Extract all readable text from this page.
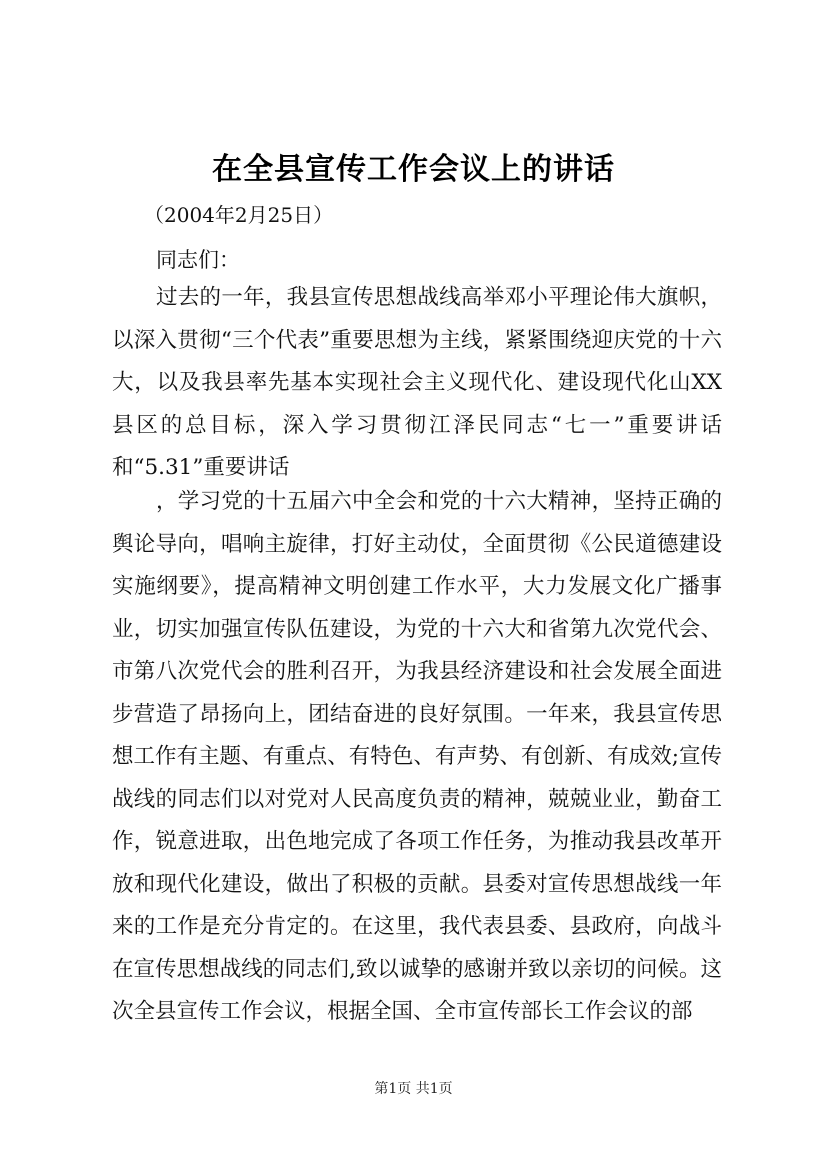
在全县宣传工作会议上的讲话
（2004年2月25日）
同志们：

过去的一年，我县宣传思想战线高举邓小平理论伟大旗帜，以深入贯彻“三个代表”重要思想为主线，紧紧围绕迎庆党的十六大，以及我县率先基本实现社会主义现代化、建设现代化山XX县区的总目标，深入学习贯彻江泽民同志“七一”重要讲话和“5.31”重要讲话

，学习党的十五届六中全会和党的十六大精神，坚持正确的舆论导向，唱响主旋律，打好主动仗，全面贯彻《公民道德建设实施纲要》，提高精神文明创建工作水平，大力发展文化广播事业，切实加强宣传队伍建设，为党的十六大和省第九次党代会、市第八次党代会的胜利召开，为我县经济建设和社会发展全面进步营造了昂扬向上，团结奋进的良好氛围。一年来，我县宣传思想工作有主题、有重点、有特色、有声势、有创新、有成效;宣传战线的同志们以对党对人民高度负责的精神，兢兢业业，勤奋工作，锐意进取，出色地完成了各项工作任务，为推动我县改革开放和现代化建设，做出了积极的贡献。县委对宣传思想战线一年来的工作是充分肯定的。在这里，我代表县委、县政府，向战斗在宣传思想战线的同志们,致以诚挚的感谢并致以亲切的问候。这次全县宣传工作会议，根据全国、全市宣传部长工作会议的部

第1页 共1页
